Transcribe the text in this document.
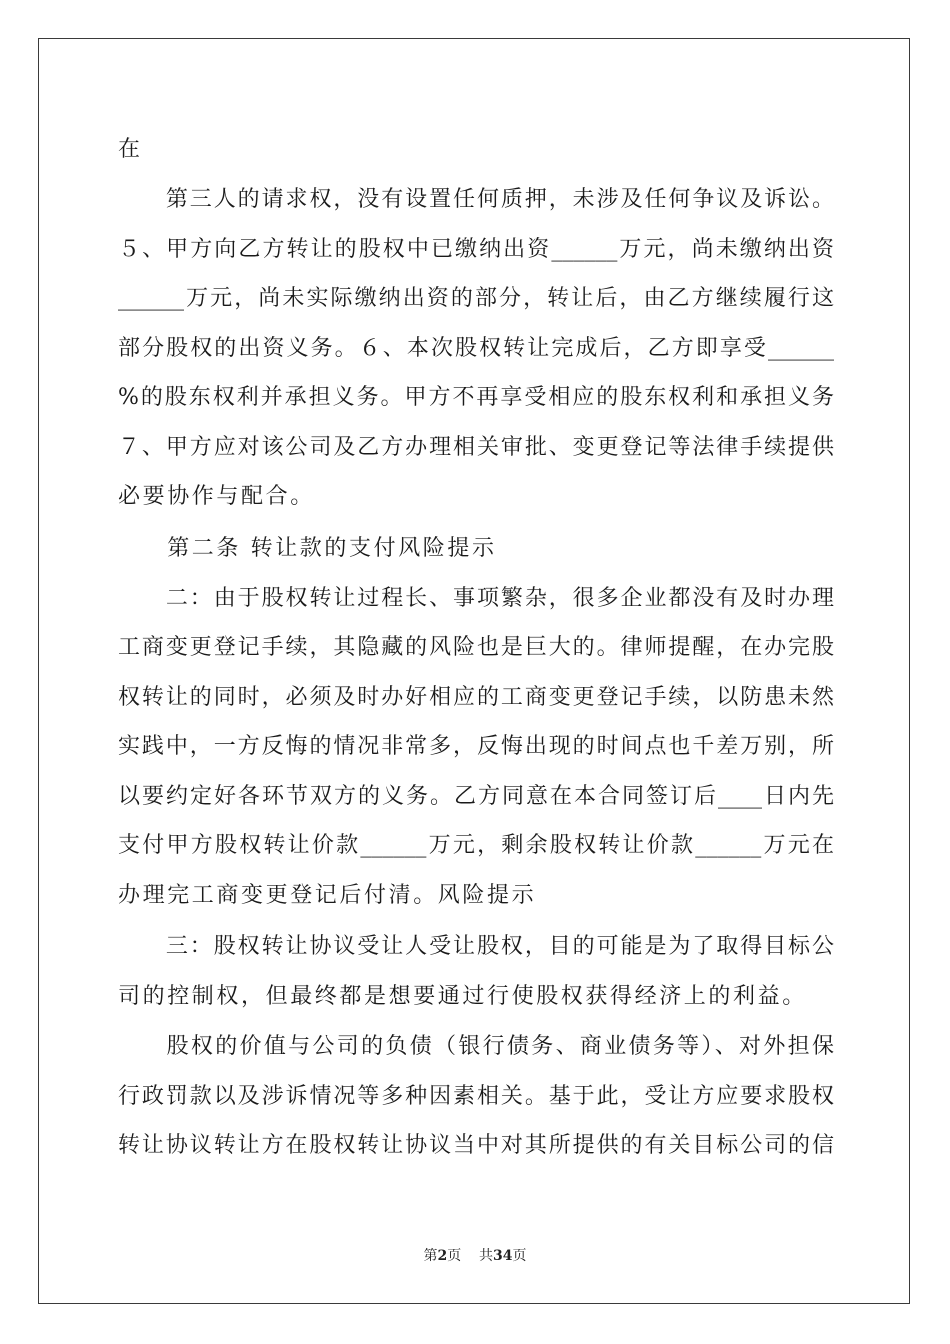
在
　　第三人的请求权，没有设置任何质押，未涉及任何争议及诉讼。
５、甲方向乙方转让的股权中已缴纳出资______万元，尚未缴纳出资
______万元，尚未实际缴纳出资的部分，转让后，由乙方继续履行这
部分股权的出资义务。６、本次股权转让完成后，乙方即享受______
%的股东权利并承担义务。甲方不再享受相应的股东权利和承担义务
７、甲方应对该公司及乙方办理相关审批、变更登记等法律手续提供
必要协作与配合。
　　第二条 转让款的支付风险提示
　　二：由于股权转让过程长、事项繁杂，很多企业都没有及时办理
工商变更登记手续，其隐藏的风险也是巨大的。律师提醒，在办完股
权转让的同时，必须及时办好相应的工商变更登记手续，以防患未然
实践中，一方反悔的情况非常多，反悔出现的时间点也千差万别，所
以要约定好各环节双方的义务。乙方同意在本合同签订后____日内先
支付甲方股权转让价款______万元，剩余股权转让价款______万元在
办理完工商变更登记后付清。风险提示
　　三：股权转让协议受让人受让股权，目的可能是为了取得目标公
司的控制权，但最终都是想要通过行使股权获得经济上的利益。
　　股权的价值与公司的负债（银行债务、商业债务等）、对外担保
行政罚款以及涉诉情况等多种因素相关。基于此，受让方应要求股权
转让协议转让方在股权转让协议当中对其所提供的有关目标公司的信
第2页 共34页
